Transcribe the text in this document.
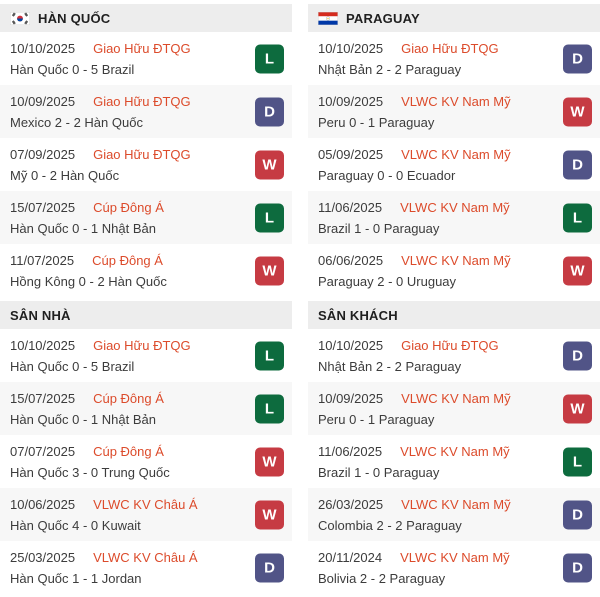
HÀN QUỐC
10/10/2025 Giao Hữu ĐTQG
Hàn Quốc 0 - 5 Brazil
L
10/09/2025 Giao Hữu ĐTQG
Mexico 2 - 2 Hàn Quốc
D
07/09/2025 Giao Hữu ĐTQG
Mỹ 0 - 2 Hàn Quốc
W
15/07/2025 Cúp Đông Á
Hàn Quốc 0 - 1 Nhật Bản
L
11/07/2025 Cúp Đông Á
Hồng Kông 0 - 2 Hàn Quốc
W
PARAGUAY
10/10/2025 Giao Hữu ĐTQG
Nhật Bản 2 - 2 Paraguay
D
10/09/2025 VLWC KV Nam Mỹ
Peru 0 - 1 Paraguay
W
05/09/2025 VLWC KV Nam Mỹ
Paraguay 0 - 0 Ecuador
D
11/06/2025 VLWC KV Nam Mỹ
Brazil 1 - 0 Paraguay
L
06/06/2025 VLWC KV Nam Mỹ
Paraguay 2 - 0 Uruguay
W
SÂN NHÀ
10/10/2025 Giao Hữu ĐTQG
Hàn Quốc 0 - 5 Brazil
L
15/07/2025 Cúp Đông Á
Hàn Quốc 0 - 1 Nhật Bản
L
07/07/2025 Cúp Đông Á
Hàn Quốc 3 - 0 Trung Quốc
W
10/06/2025 VLWC KV Châu Á
Hàn Quốc 4 - 0 Kuwait
W
25/03/2025 VLWC KV Châu Á
Hàn Quốc 1 - 1 Jordan
D
SÂN KHÁCH
10/10/2025 Giao Hữu ĐTQG
Nhật Bản 2 - 2 Paraguay
D
10/09/2025 VLWC KV Nam Mỹ
Peru 0 - 1 Paraguay
W
11/06/2025 VLWC KV Nam Mỹ
Brazil 1 - 0 Paraguay
L
26/03/2025 VLWC KV Nam Mỹ
Colombia 2 - 2 Paraguay
D
20/11/2024 VLWC KV Nam Mỹ
Bolivia 2 - 2 Paraguay
D
